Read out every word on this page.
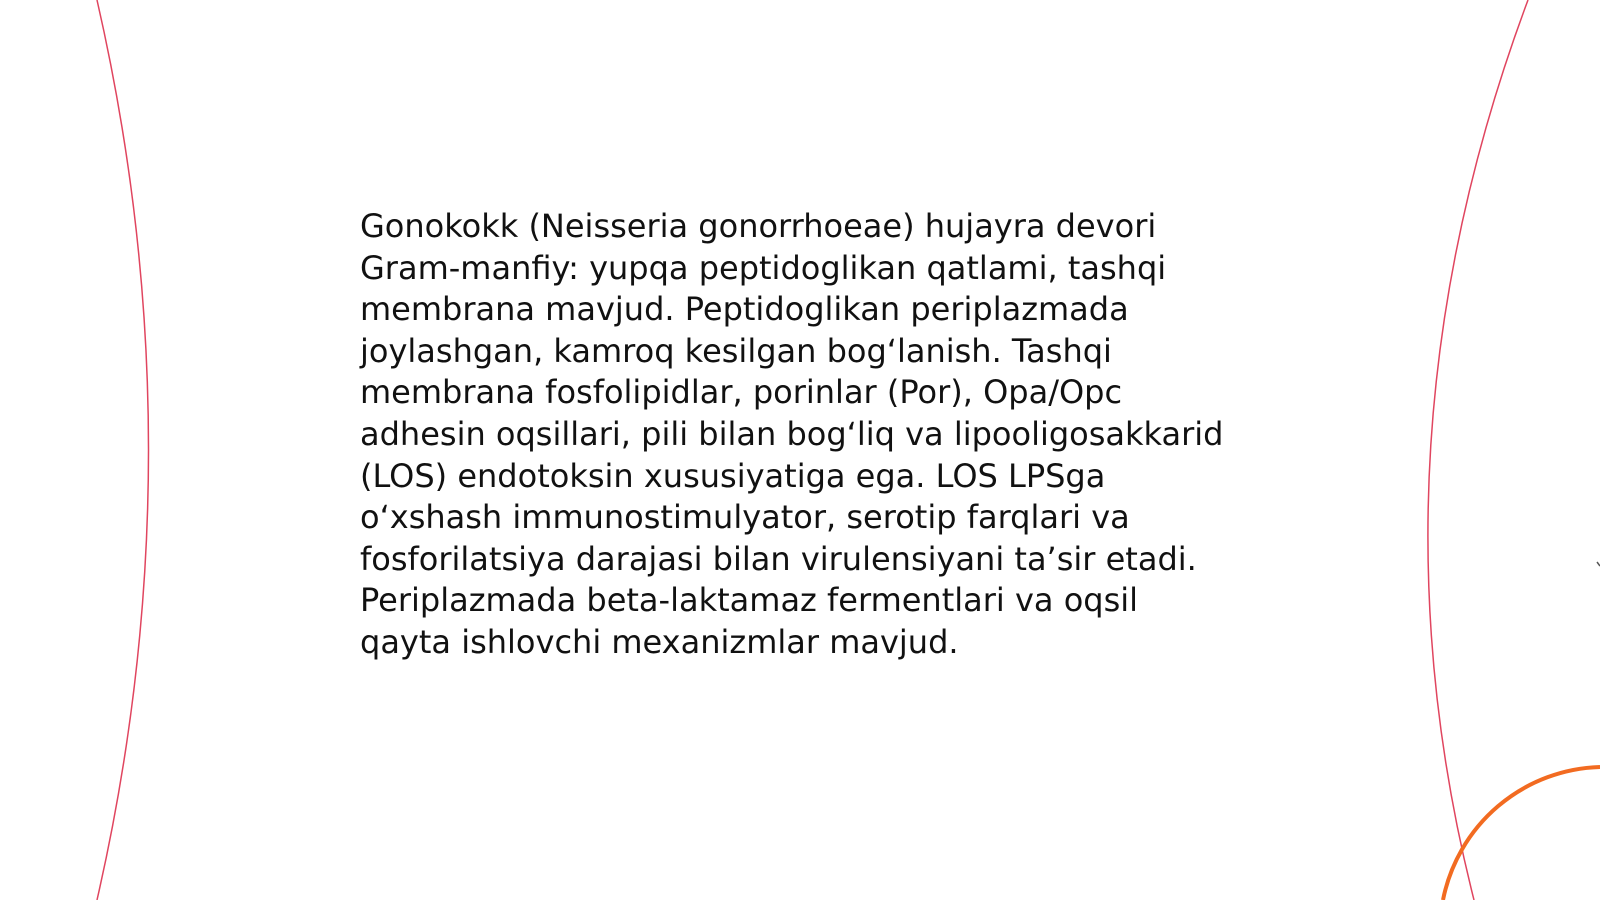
Gonokokk (Neisseria gonorrhoeae) hujayra devori
Gram-manfiy: yupqa peptidoglikan qatlami, tashqi
membrana mavjud. Peptidoglikan periplazmada
joylashgan, kamroq kesilgan bog‘lanish. Tashqi
membrana fosfolipidlar, porinlar (Por), Opa/Opc
adhesin oqsillari, pili bilan bog‘liq va lipooligosakkarid
(LOS) endotoksin xususiyatiga ega. LOS LPSga
o‘xshash immunostimulyator, serotip farqlari va
fosforilatsiya darajasi bilan virulensiyani ta’sir etadi.
Periplazmada beta-laktamaz fermentlari va oqsil
qayta ishlovchi mexanizmlar mavjud.
